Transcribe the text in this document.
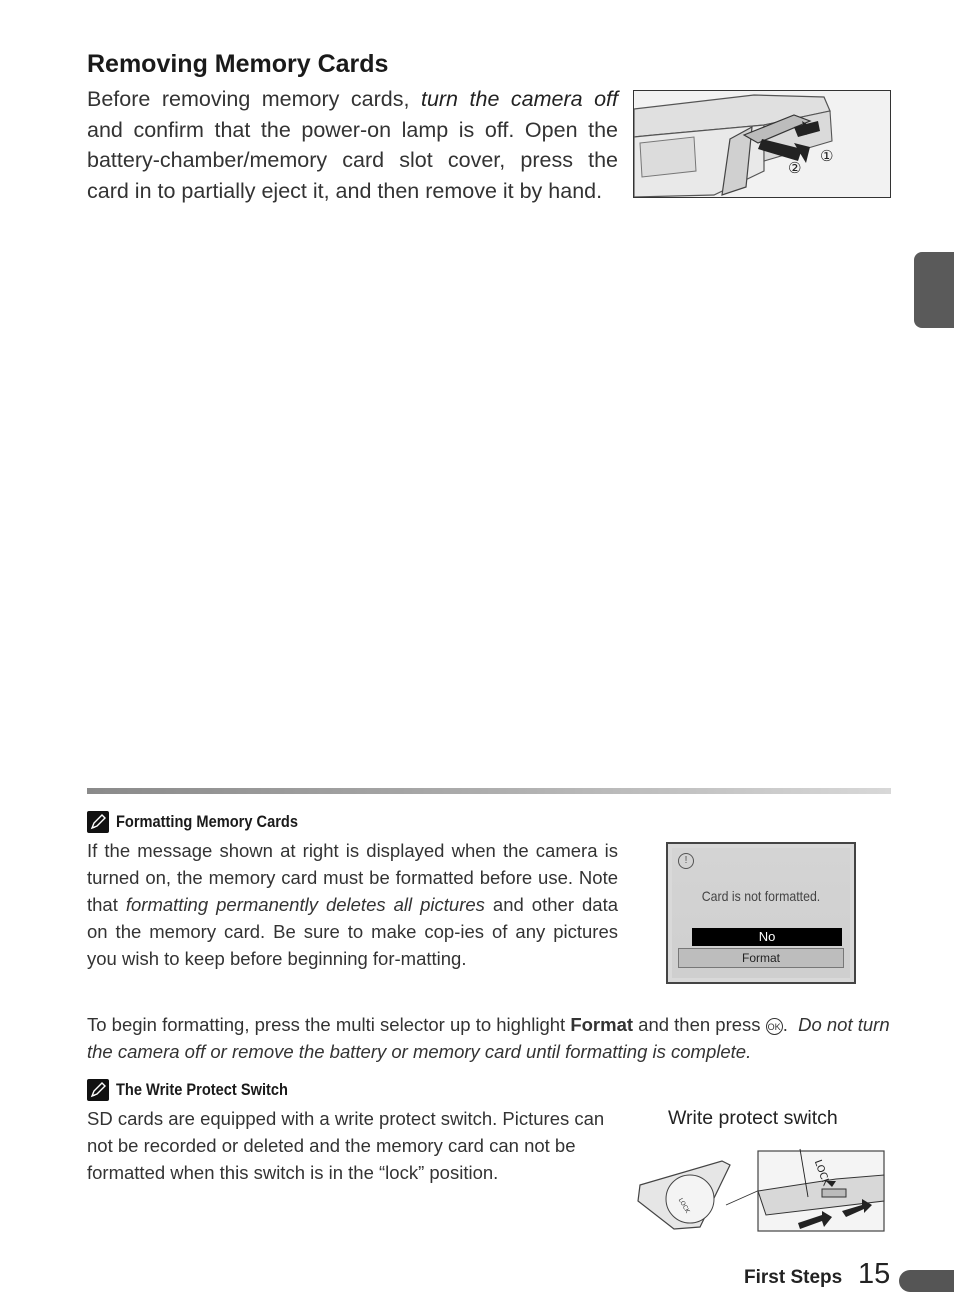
Removing Memory Cards
Before removing memory cards, turn the camera off and confirm that the power-on lamp is off. Open the battery-chamber/memory card slot cover, press the card in to partially eject it, and then remove it by hand.
②
①
Formatting Memory Cards
If the message shown at right is displayed when the camera is turned on, the memory card must be formatted before use. Note that formatting permanently deletes all pictures and other data on the memory card. Be sure to make cop-ies of any pictures you wish to keep before beginning for-matting.
!
Card is not formatted.
No
Format
To begin formatting, press the multi selector up to highlight Format and then press OK .  Do not turn the camera off or remove the battery or memory card until formatting is complete.
The Write Protect Switch
SD cards are equipped with a write protect switch. Pictures can not be recorded or deleted and the memory card can not be formatted when this switch is in the “lock” position.
Write protect switch
LOCK
LOCK
First Steps 15
